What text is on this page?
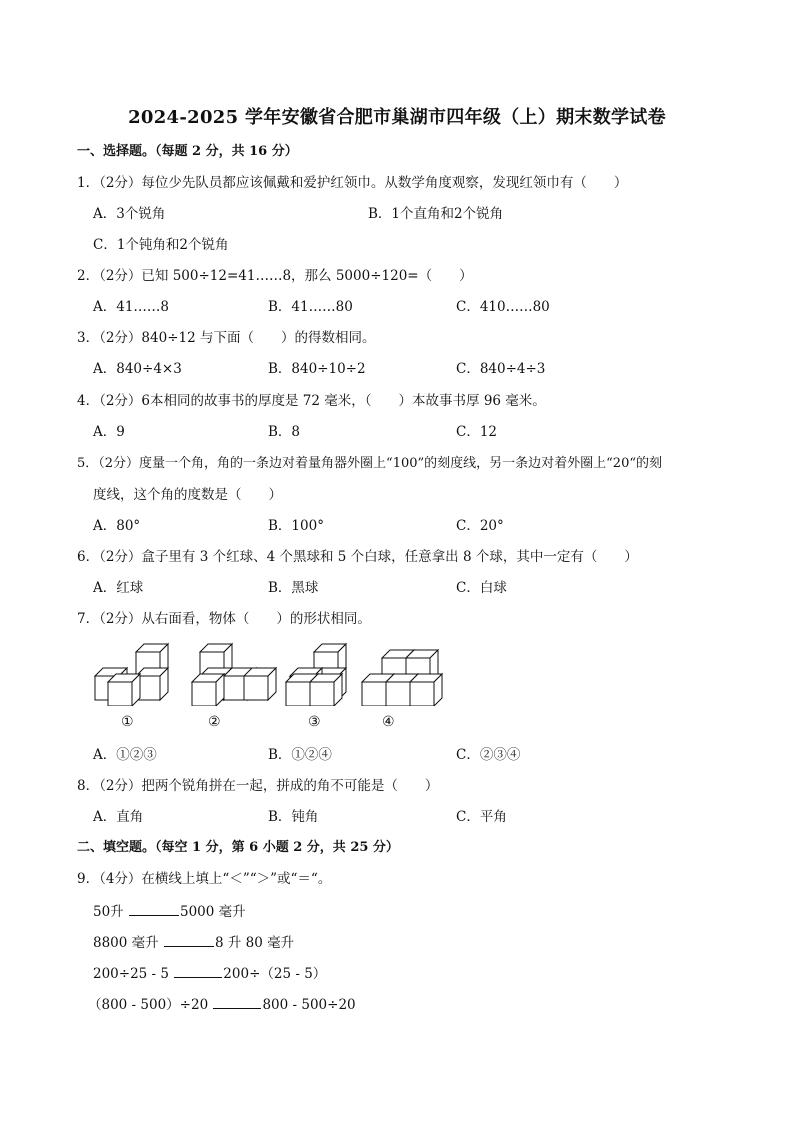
2024-2025 学年安徽省合肥市巢湖市四年级（上）期末数学试卷
一、选择题。（每题 2 分，共 16 分）
1．（2分）每位少先队员都应该佩戴和爱护红领巾。从数学角度观察，发现红领巾有（　　）
A．3个锐角	B．1个直角和2个锐角
C．1个钝角和2个锐角
2．（2分）已知 500÷12=41……8，那么 5000÷120=（　　）
A．41……8	B．41……80	C．410……80
3．（2分）840÷12 与下面（　　）的得数相同。
A．840÷4×3	B．840÷10÷2	C．840÷4÷3
4．（2分）6本相同的故事书的厚度是 72 毫米，（　　）本故事书厚 96 毫米。
A．9	B．8	C．12
5．（2分）度量一个角，角的一条边对着量角器外圈上“100”的刻度线，另一条边对着外圈上“20“的刻
度线，这个角的度数是（　　）
A．80°	B．100°	C．20°
6．（2分）盒子里有 3 个红球、4 个黑球和 5 个白球，任意拿出 8 个球，其中一定有（　　）
A．红球	B．黑球	C．白球
7．（2分）从右面看，物体（　　）的形状相同。
①	②	③	④
A．①②③	B．①②④	C．②③④
8．（2分）把两个锐角拼在一起，拼成的角不可能是（　　）
A．直角	B．钝角	C．平角
二、填空题。（每空 1 分，第 6 小题 2 分，共 25 分）
9．（4分）在横线上填上“＜”“＞”或“＝“。
50升	5000 毫升
8800 毫升	8 升 80 毫升
200÷25 - 5	200÷（25 - 5）
（800 - 500）÷20	800 - 500÷20
